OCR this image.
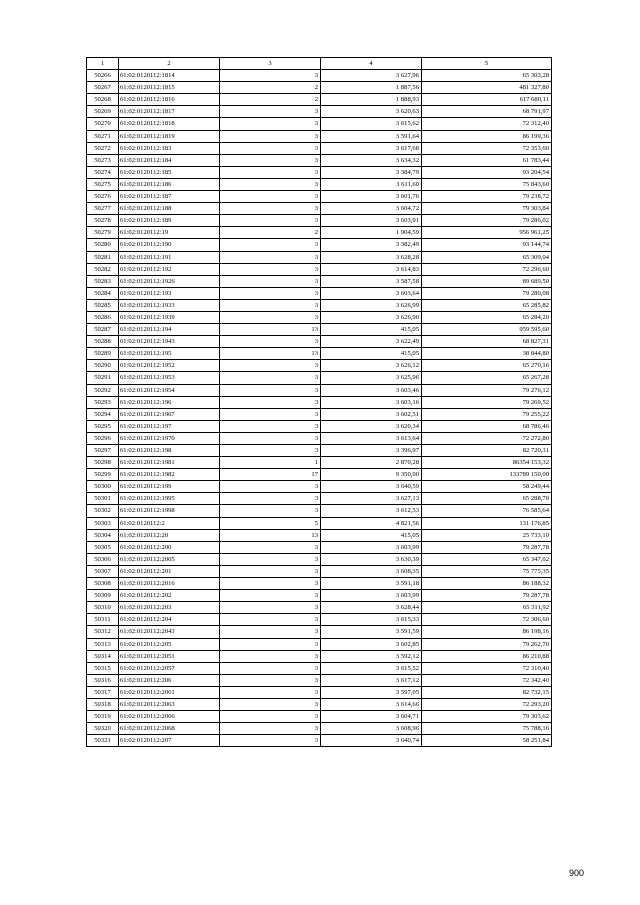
1	2	3	4	5
50266	61:02:0120112:1814	3	3 627,96	65 303,28
50267	61:02:0120112:1815	2	1 887,56	481 327,80
50268	61:02:0120112:1816	2	1 888,93	617 680,11
50269	61:02:0120112:1817	3	3 620,63	68 791,97
50270	61:02:0120112:1818	3	3 615,62	72 312,40
50271	61:02:0120112:1819	3	3 591,64	86 199,36
50272	61:02:0120112:183	3	3 617,68	72 353,60
50273	61:02:0120112:184	3	3 634,32	61 783,44
50274	61:02:0120112:185	3	3 384,79	93 204,54
50275	61:02:0120112:186	3	3 611,60	75 843,60
50276	61:02:0120112:187	3	3 601,76	79 238,72
50277	61:02:0120112:188	3	3 604,72	79 303,84
50278	61:02:0120112:189	3	3 603,91	79 286,02
50279	61:02:0120112:19	2	1 904,59	956 961,25
50280	61:02:0120112:190	3	3 382,49	93 144,74
50281	61:02:0120112:191	3	3 628,28	65 309,04
50282	61:02:0120112:192	3	3 614,83	72 296,60
50283	61:02:0120112:1926	3	3 587,58	89 689,50
50284	61:02:0120112:193	3	3 603,64	79 280,08
50285	61:02:0120112:1933	3	3 626,99	65 285,82
50286	61:02:0120112:1939	3	3 626,90	65 284,20
50287	61:02:0120112:194	13	415,05	959 595,60
50288	61:02:0120112:1943	3	3 622,49	68 827,31
50289	61:02:0120112:195	13	415,05	38 844,80
50290	61:02:0120112:1952	3	3 626,12	65 270,16
50291	61:02:0120112:1953	3	3 625,96	65 267,28
50292	61:02:0120112:1954	3	3 603,46	79 276,12
50293	61:02:0120112:196	3	3 603,16	79 269,52
50294	61:02:0120112:1967	3	3 602,51	79 255,22
50295	61:02:0120112:197	3	3 620,34	68 786,46
50296	61:02:0120112:1970	3	3 613,64	72 272,80
50297	61:02:0120112:198	3	3 396,97	82 720,31
50298	61:02:0120112:1981	1	2 870,28	86354 153,32
50299	61:02:0120112:1982	17	9 350,00	133789 150,00
50300	61:02:0120112:199	3	3 640,59	58 249,44
50301	61:02:0120112:1995	3	3 627,13	65 288,70
50302	61:02:0120112:1998	3	3 612,53	76 585,64
50303	61:02:0120112:2	5	4 821,56	131 176,85
50304	61:02:0120112:20	13	415,05	25 733,10
50305	61:02:0120112:200	3	3 603,99	79 287,78
50306	61:02:0120112:2005	3	3 630,39	65 347,02
50307	61:02:0120112:201	3	3 608,35	75 775,35
50308	61:02:0120112:2016	3	3 591,18	86 188,32
50309	61:02:0120112:202	3	3 603,99	79 287,78
50310	61:02:0120112:203	3	3 628,44	65 311,92
50311	61:02:0120112:204	3	3 615,33	72 306,60
50312	61:02:0120112:2043	3	3 591,59	86 198,16
50313	61:02:0120112:205	3	3 602,85	79 262,70
50314	61:02:0120112:2051	3	3 592,12	86 210,88
50315	61:02:0120112:2057	3	3 615,52	72 310,40
50316	61:02:0120112:206	3	3 617,12	72 342,40
50317	61:02:0120112:2061	3	3 597,05	82 732,15
50318	61:02:0120112:2063	3	3 614,66	72 293,20
50319	61:02:0120112:2066	3	3 604,71	79 303,62
50320	61:02:0120112:2068	3	3 608,96	75 788,16
50321	61:02:0120112:207	3	3 640,74	58 251,84
900
